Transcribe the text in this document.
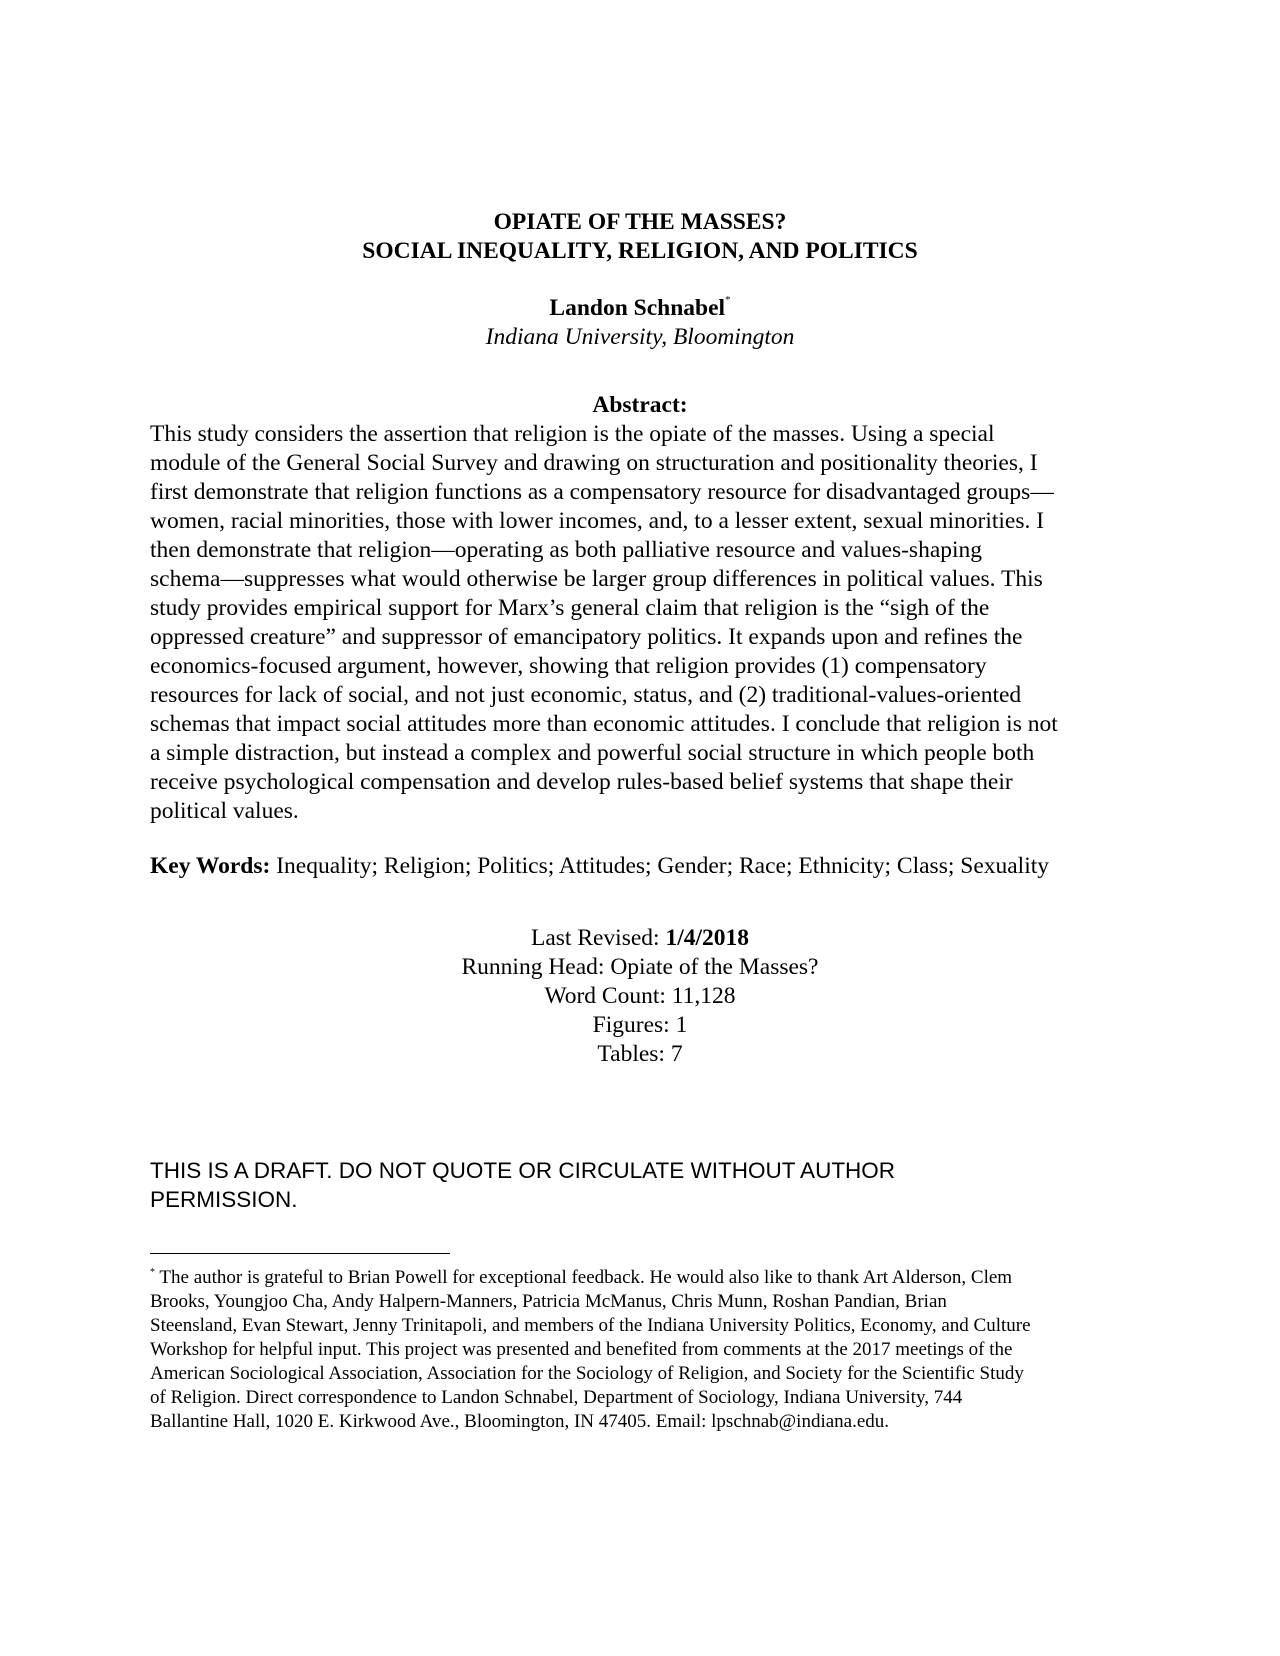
OPIATE OF THE MASSES?
SOCIAL INEQUALITY, RELIGION, AND POLITICS
Landon Schnabel*
Indiana University, Bloomington
Abstract:
This study considers the assertion that religion is the opiate of the masses. Using a special
module of the General Social Survey and drawing on structuration and positionality theories, I
first demonstrate that religion functions as a compensatory resource for disadvantaged groups—
women, racial minorities, those with lower incomes, and, to a lesser extent, sexual minorities. I
then demonstrate that religion—operating as both palliative resource and values-shaping
schema—suppresses what would otherwise be larger group differences in political values. This
study provides empirical support for Marx’s general claim that religion is the “sigh of the
oppressed creature” and suppressor of emancipatory politics. It expands upon and refines the
economics-focused argument, however, showing that religion provides (1) compensatory
resources for lack of social, and not just economic, status, and (2) traditional-values-oriented
schemas that impact social attitudes more than economic attitudes. I conclude that religion is not
a simple distraction, but instead a complex and powerful social structure in which people both
receive psychological compensation and develop rules-based belief systems that shape their
political values.
Key Words: Inequality; Religion; Politics; Attitudes; Gender; Race; Ethnicity; Class; Sexuality
Last Revised: 1/4/2018
Running Head: Opiate of the Masses?
Word Count: 11,128
Figures: 1
Tables: 7
THIS IS A DRAFT. DO NOT QUOTE OR CIRCULATE WITHOUT AUTHOR
PERMISSION.
* The author is grateful to Brian Powell for exceptional feedback. He would also like to thank Art Alderson, Clem
Brooks, Youngjoo Cha, Andy Halpern-Manners, Patricia McManus, Chris Munn, Roshan Pandian, Brian
Steensland, Evan Stewart, Jenny Trinitapoli, and members of the Indiana University Politics, Economy, and Culture
Workshop for helpful input. This project was presented and benefited from comments at the 2017 meetings of the
American Sociological Association, Association for the Sociology of Religion, and Society for the Scientific Study
of Religion. Direct correspondence to Landon Schnabel, Department of Sociology, Indiana University, 744
Ballantine Hall, 1020 E. Kirkwood Ave., Bloomington, IN 47405. Email: lpschnab@indiana.edu.
